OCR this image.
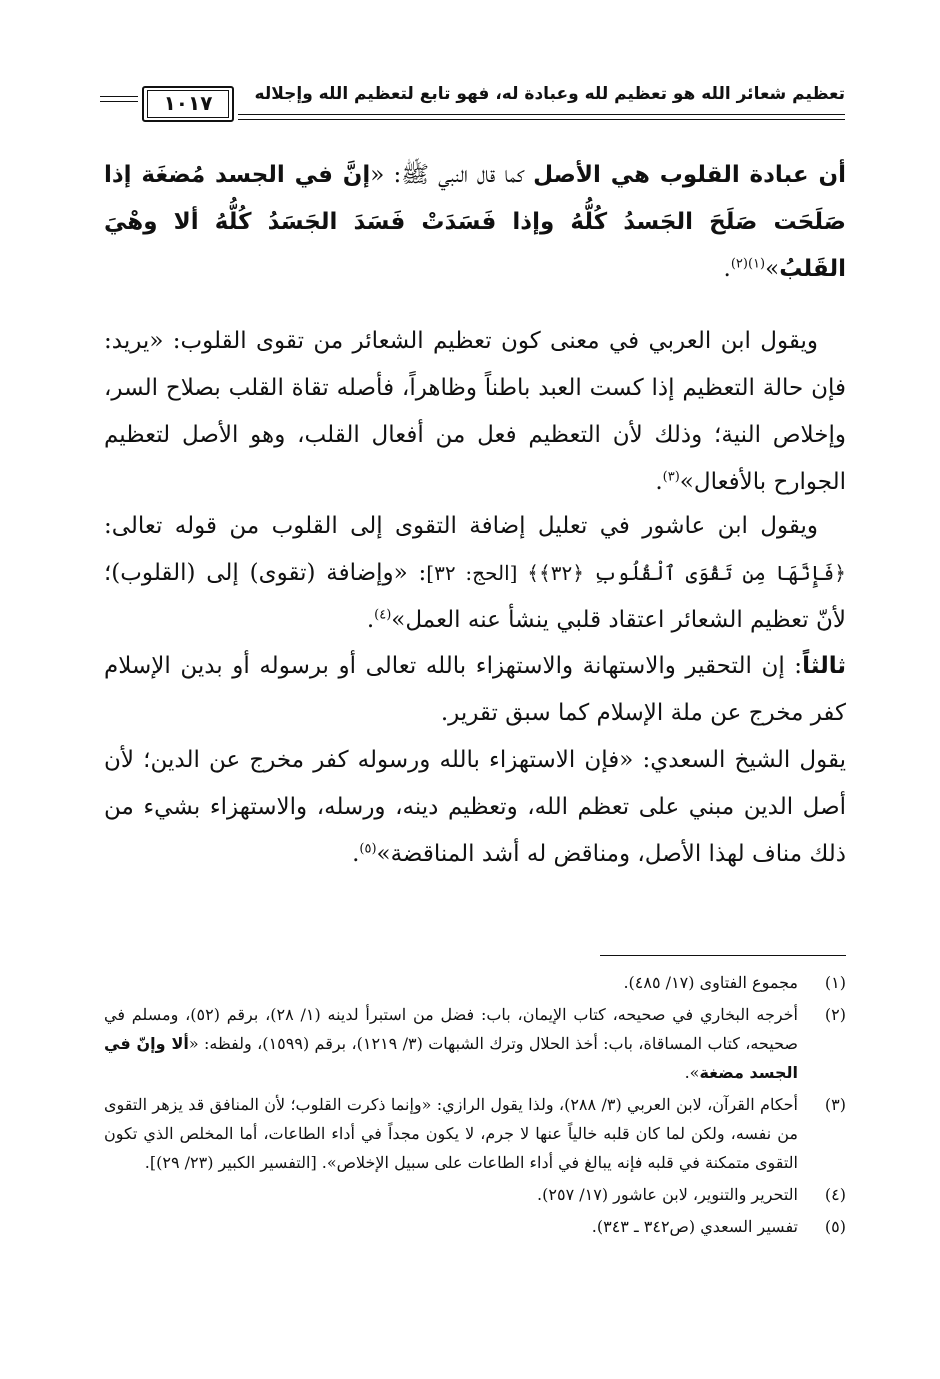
١٠١٧	تعظيم شعائر الله هو تعظيم لله وعبادة له، فهو تابع لتعظيم الله وإجلاله

أن عبادة القلوب هي الأصل كما قال النبي ﷺ: «إنَّ في الجسد مُضغَة إذا صَلَحَت صَلَحَ الجَسدُ كُلُّهُ وإذا فَسَدَتْ فَسَدَ الجَسَدُ كُلُّهُ ألا وهْيَ القَلبُ»$^{(١)(٢)}$.

ويقول ابن العربي في معنى كون تعظيم الشعائر من تقوى القلوب: «يريد: فإن حالة التعظيم إذا كست العبد باطناً وظاهراً، فأصله تقاة القلب بصلاح السر، وإخلاص النية؛ وذلك لأن التعظيم فعل من أفعال القلب، وهو الأصل لتعظيم الجوارح بالأفعال»$^{(٣)}$.

ويقول ابن عاشور في تعليل إضافة التقوى إلى القلوب من قوله تعالى: ﴿فَإِنَّهَا مِن تَقْوَى ٱلْقُلُوبِ ﴿٣٢﴾﴾ [الحج: ٣٢]: «وإضافة (تقوى) إلى (القلوب)؛ لأنّ تعظيم الشعائر اعتقاد قلبي ينشأ عنه العمل»$^{(٤)}$.

ثالثاً: إن التحقير والاستهانة والاستهزاء بالله تعالى أو برسوله أو بدين الإسلام كفر مخرج عن ملة الإسلام كما سبق تقرير.

يقول الشيخ السعدي: «فإن الاستهزاء بالله ورسوله كفر مخرج عن الدين؛ لأن أصل الدين مبني على تعظم الله، وتعظيم دينه، ورسله، والاستهزاء بشيء من ذلك مناف لهذا الأصل، ومناقض له أشد المناقضة»$^{(٥)}$.

(١)
مجموع الفتاوى (١٧/ ٤٨٥).
(٢)
أخرجه البخاري في صحيحه، كتاب الإيمان، باب: فضل من استبرأ لدينه (١/ ٢٨)، برقم (٥٢)، ومسلم في صحيحه، كتاب المساقاة، باب: أخذ الحلال وترك الشبهات (٣/ ١٢١٩)، برقم (١٥٩٩)، ولفظه: «ألا وإنّ في الجسد مضغة».
(٣)
أحكام القرآن، لابن العربي (٣/ ٢٨٨)، ولذا يقول الرازي: «وإنما ذكرت القلوب؛ لأن المنافق قد يزهر التقوى من نفسه، ولكن لما كان قلبه خالياً عنها لا جرم، لا يكون مجداً في أداء الطاعات، أما المخلص الذي تكون التقوى متمكنة في قلبه فإنه يبالغ في أداء الطاعات على سبيل الإخلاص». [التفسير الكبير (٢٣/ ٢٩)].
(٤)
التحرير والتنوير، لابن عاشور (١٧/ ٢٥٧).
(٥)
تفسير السعدي (ص٣٤٢ ـ ٣٤٣).
